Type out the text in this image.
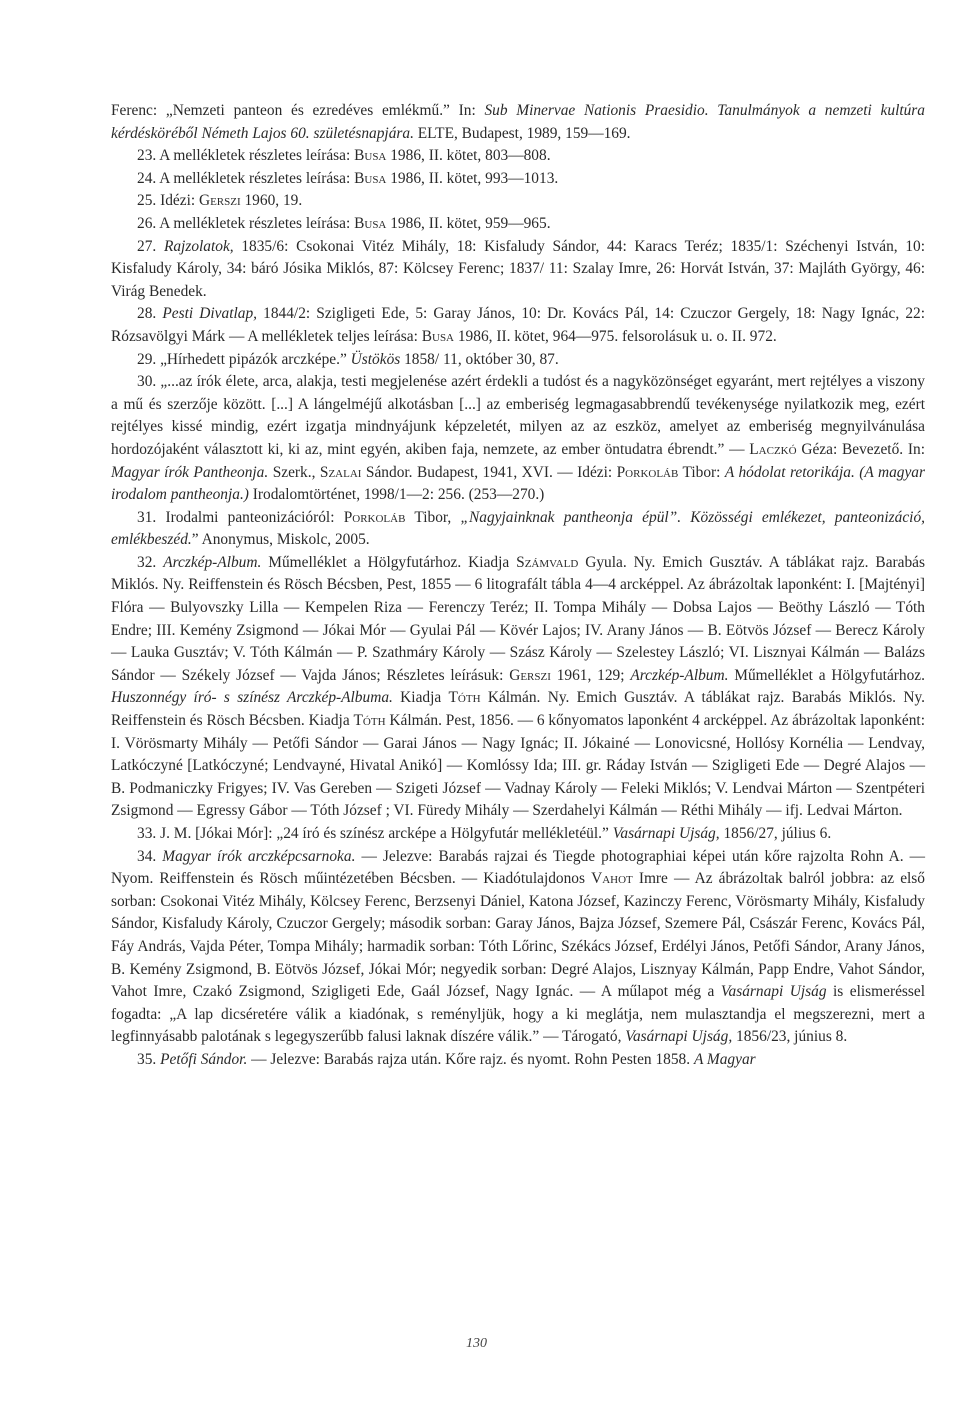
Ferenc: „Nemzeti panteon és ezredéves emlékmű.” In: Sub Minervae Nationis Praesidio. Tanulmányok a nemzeti kultúra kérdésköréből Németh Lajos 60. születésnapjára. ELTE, Budapest, 1989, 159—169.

23. A mellékletek részletes leírása: Busa 1986, II. kötet, 803—808.

24. A mellékletek részletes leírása: Busa 1986, II. kötet, 993—1013.

25. Idézi: Gerszi 1960, 19.

26. A mellékletek részletes leírása: Busa 1986, II. kötet, 959—965.

27. Rajzolatok, 1835/6: Csokonai Vitéz Mihály, 18: Kisfaludy Sándor, 44: Karacs Teréz; 1835/1: Széchenyi István, 10: Kisfaludy Károly, 34: báró Jósika Miklós, 87: Kölcsey Ferenc; 1837/ 11: Szalay Imre, 26: Horvát István, 37: Majláth György, 46: Virág Benedek.

28. Pesti Divatlap, 1844/2: Szigligeti Ede, 5: Garay János, 10: Dr. Kovács Pál, 14: Czuczor Gergely, 18: Nagy Ignác, 22: Rózsavölgyi Márk — A mellékletek teljes leírása: Busa 1986, II. kötet, 964—975. felsorolásuk u. o. II. 972.

29. „Hírhedett pipázók arczképe.” Üstökös 1858/ 11, október 30, 87.

30. „...az írók élete, arca, alakja, testi megjelenése azért érdekli a tudóst és a nagyközönséget egyaránt, mert rejtélyes a viszony a mű és szerzője között. [...] A lángelméjű alkotásban [...] az emberiség legmagasabbrendű tevékenysége nyilatkozik meg, ezért rejtélyes kissé mindig, ezért izgatja mindnyájunk képzeletét, milyen az az eszköz, amelyet az emberiség megnyilvánulása hordozójaként választott ki, ki az, mint egyén, akiben faja, nemzete, az ember öntudatra ébrendt.” — Laczkó Géza: Bevezető. In: Magyar írók Pantheonja. Szerk., Szalai Sándor. Budapest, 1941, XVI. — Idézi: Porkoláb Tibor: A hódolat retorikája. (A magyar irodalom pantheonja.) Irodalomtörténet, 1998/1—2: 256. (253—270.)

31. Irodalmi panteonizációról: Porkoláb Tibor, „Nagyjainknak pantheonja épül”. Közösségi emlékezet, panteonizáció, emlékbeszéd.” Anonymus, Miskolc, 2005.

32. Arczkép-Album. Műmelléklet a Hölgyfutárhoz. Kiadja Számvald Gyula. Ny. Emich Gusztáv. A táblákat rajz. Barabás Miklós. Ny. Reiffenstein és Rösch Bécsben, Pest, 1855 — 6 litografált tábla 4—4 arcképpel. Az ábrázoltak laponként: I. [Majtényi] Flóra — Bulyovszky Lilla — Kempelen Riza — Ferenczy Teréz; II. Tompa Mihály — Dobsa Lajos — Beöthy László — Tóth Endre; III. Kemény Zsigmond — Jókai Mór — Gyulai Pál — Kövér Lajos; IV. Arany János — B. Eötvös József — Berecz Károly — Lauka Gusztáv; V. Tóth Kálmán — P. Szathmáry Károly — Szász Károly — Szelestey László; VI. Lisznyai Kálmán — Balázs Sándor — Székely József — Vajda János; Részletes leírásuk: Gerszi 1961, 129; Arczkép-Album. Műmelléklet a Hölgyfutárhoz. Huszonnégy író- s színész Arczkép-Albuma. Kiadja Tóth Kálmán. Ny. Emich Gusztáv. A táblákat rajz. Barabás Miklós. Ny. Reiffenstein és Rösch Bécsben. Kiadja Tóth Kálmán. Pest, 1856. — 6 kőnyomatos laponként 4 arcképpel. Az ábrázoltak laponként: I. Vörösmarty Mihály — Petőfi Sándor — Garai János — Nagy Ignác; II. Jókainé — Lonovicsné, Hollósy Kornélia — Lendvay, Latkóczyné [Latkóczyné; Lendvayné, Hivatal Anikó] — Komlóssy Ida; III. gr. Ráday István — Szigligeti Ede — Degré Alajos — B. Podmaniczky Frigyes; IV. Vas Gereben — Szigeti József — Vadnay Károly — Feleki Miklós; V. Lendvai Márton — Szentpéteri Zsigmond — Egressy Gábor — Tóth József ; VI. Füredy Mihály — Szerdahelyi Kálmán — Réthi Mihály — ifj. Ledvai Márton.

33. J. M. [Jókai Mór]: „24 író és színész arcképe a Hölgyfutár mellékletéül.” Vasárnapi Ujság, 1856/27, július 6.

34. Magyar írók arczképcsarnoka. — Jelezve: Barabás rajzai és Tiegde photographiai képei után kőre rajzolta Rohn A. — Nyom. Reiffenstein és Rösch műintézetében Bécsben. — Kiadótulajdonos Vahot Imre — Az ábrázoltak balról jobbra: az első sorban: Csokonai Vitéz Mihály, Kölcsey Ferenc, Berzsenyi Dániel, Katona József, Kazinczy Ferenc, Vörösmarty Mihály, Kisfaludy Sándor, Kisfaludy Károly, Czuczor Gergely; második sorban: Garay János, Bajza József, Szemere Pál, Császár Ferenc, Kovács Pál, Fáy András, Vajda Péter, Tompa Mihály; harmadik sorban: Tóth Lőrinc, Székács József, Erdélyi János, Petőfi Sándor, Arany János, B. Kemény Zsigmond, B. Eötvös József, Jókai Mór; negyedik sorban: Degré Alajos, Lisznyay Kálmán, Papp Endre, Vahot Sándor, Vahot Imre, Czakó Zsigmond, Szigligeti Ede, Gaál József, Nagy Ignác. — A műlapot még a Vasárnapi Ujság is elismeréssel fogadta: „A lap dicséretére válik a kiadónak, s reményljük, hogy a ki meglátja, nem mulasztandja el megszerezni, mert a legfinnyásabb palotának s legegyszerűbb falusi laknak díszére válik.” — Tárogató, Vasárnapi Ujság, 1856/23, június 8.

35. Petőfi Sándor. — Jelezve: Barabás rajza után. Kőre rajz. és nyomt. Rohn Pesten 1858. A Magyar

130
